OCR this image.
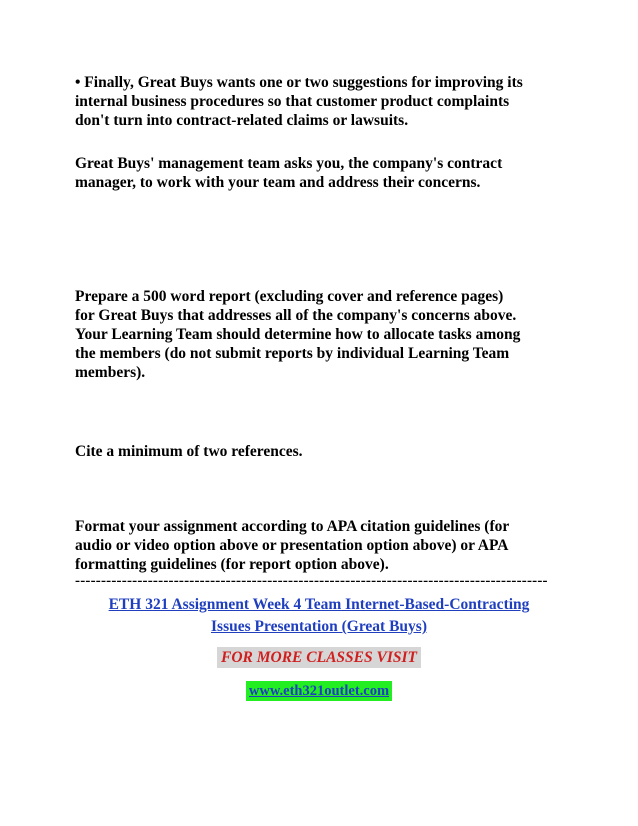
• Finally, Great Buys wants one or two suggestions for improving its
internal business procedures so that customer product complaints
don't turn into contract-related claims or lawsuits.

Great Buys' management team asks you, the company's contract
manager, to work with your team and address their concerns.

Prepare a 500 word report (excluding cover and reference pages)
for Great Buys that addresses all of the company's concerns above.
Your Learning Team should determine how to allocate tasks among
the members (do not submit reports by individual Learning Team
members).

Cite a minimum of two references.

Format your assignment according to APA citation guidelines (for
audio or video option above or presentation option above) or APA
formatting guidelines (for report option above).

-------------------------------------------------------------------------------------------
ETH 321 Assignment Week 4 Team Internet-Based-Contracting
Issues Presentation (Great Buys)
FOR MORE CLASSES VISIT
www.eth321outlet.com
